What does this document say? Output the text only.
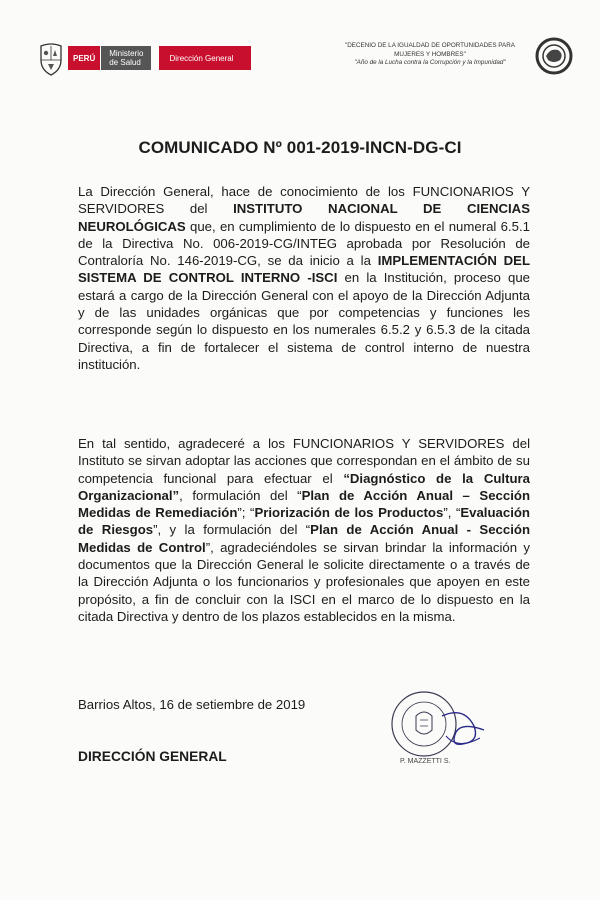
PERÚ	Ministerio
de Salud	Dirección General
"DECENIO DE LA IGUALDAD DE OPORTUNIDADES PARA
MUJERES Y HOMBRES"
"Año de la Lucha contra la Corrupción y la Impunidad"
COMUNICADO Nº 001-2019-INCN-DG-CI
La Dirección General, hace de conocimiento de los FUNCIONARIOS Y SERVIDORES del INSTITUTO NACIONAL DE CIENCIAS NEUROLÓGICAS que, en cumplimiento de lo dispuesto en el numeral 6.5.1 de la Directiva No. 006-2019-CG/INTEG aprobada por Resolución de Contraloría No. 146-2019-CG, se da inicio a la IMPLEMENTACIÓN DEL SISTEMA DE CONTROL INTERNO -ISCI en la Institución, proceso que estará a cargo de la Dirección General con el apoyo de la Dirección Adjunta y de las unidades orgánicas que por competencias y funciones les corresponde según lo dispuesto en los numerales 6.5.2 y 6.5.3 de la citada Directiva, a fin de fortalecer el sistema de control interno de nuestra institución.
En tal sentido, agradeceré a los FUNCIONARIOS Y SERVIDORES del Instituto se sirvan adoptar las acciones que correspondan en el ámbito de su competencia funcional para efectuar el “Diagnóstico de la Cultura Organizacional”, formulación del “Plan de Acción Anual – Sección Medidas de Remediación”; “Priorización de los Productos”, “Evaluación de Riesgos”, y la formulación del “Plan de Acción Anual - Sección Medidas de Control”, agradeciéndoles se sirvan brindar la información y documentos que la Dirección General le solicite directamente o a través de la Dirección Adjunta o los funcionarios y profesionales que apoyen en este propósito, a fin de concluir con la ISCI en el marco de lo dispuesto en la citada Directiva y dentro de los plazos establecidos en la misma.
Barrios Altos, 16 de setiembre de 2019
DIRECCIÓN GENERAL	P. MAZZETTI S.
